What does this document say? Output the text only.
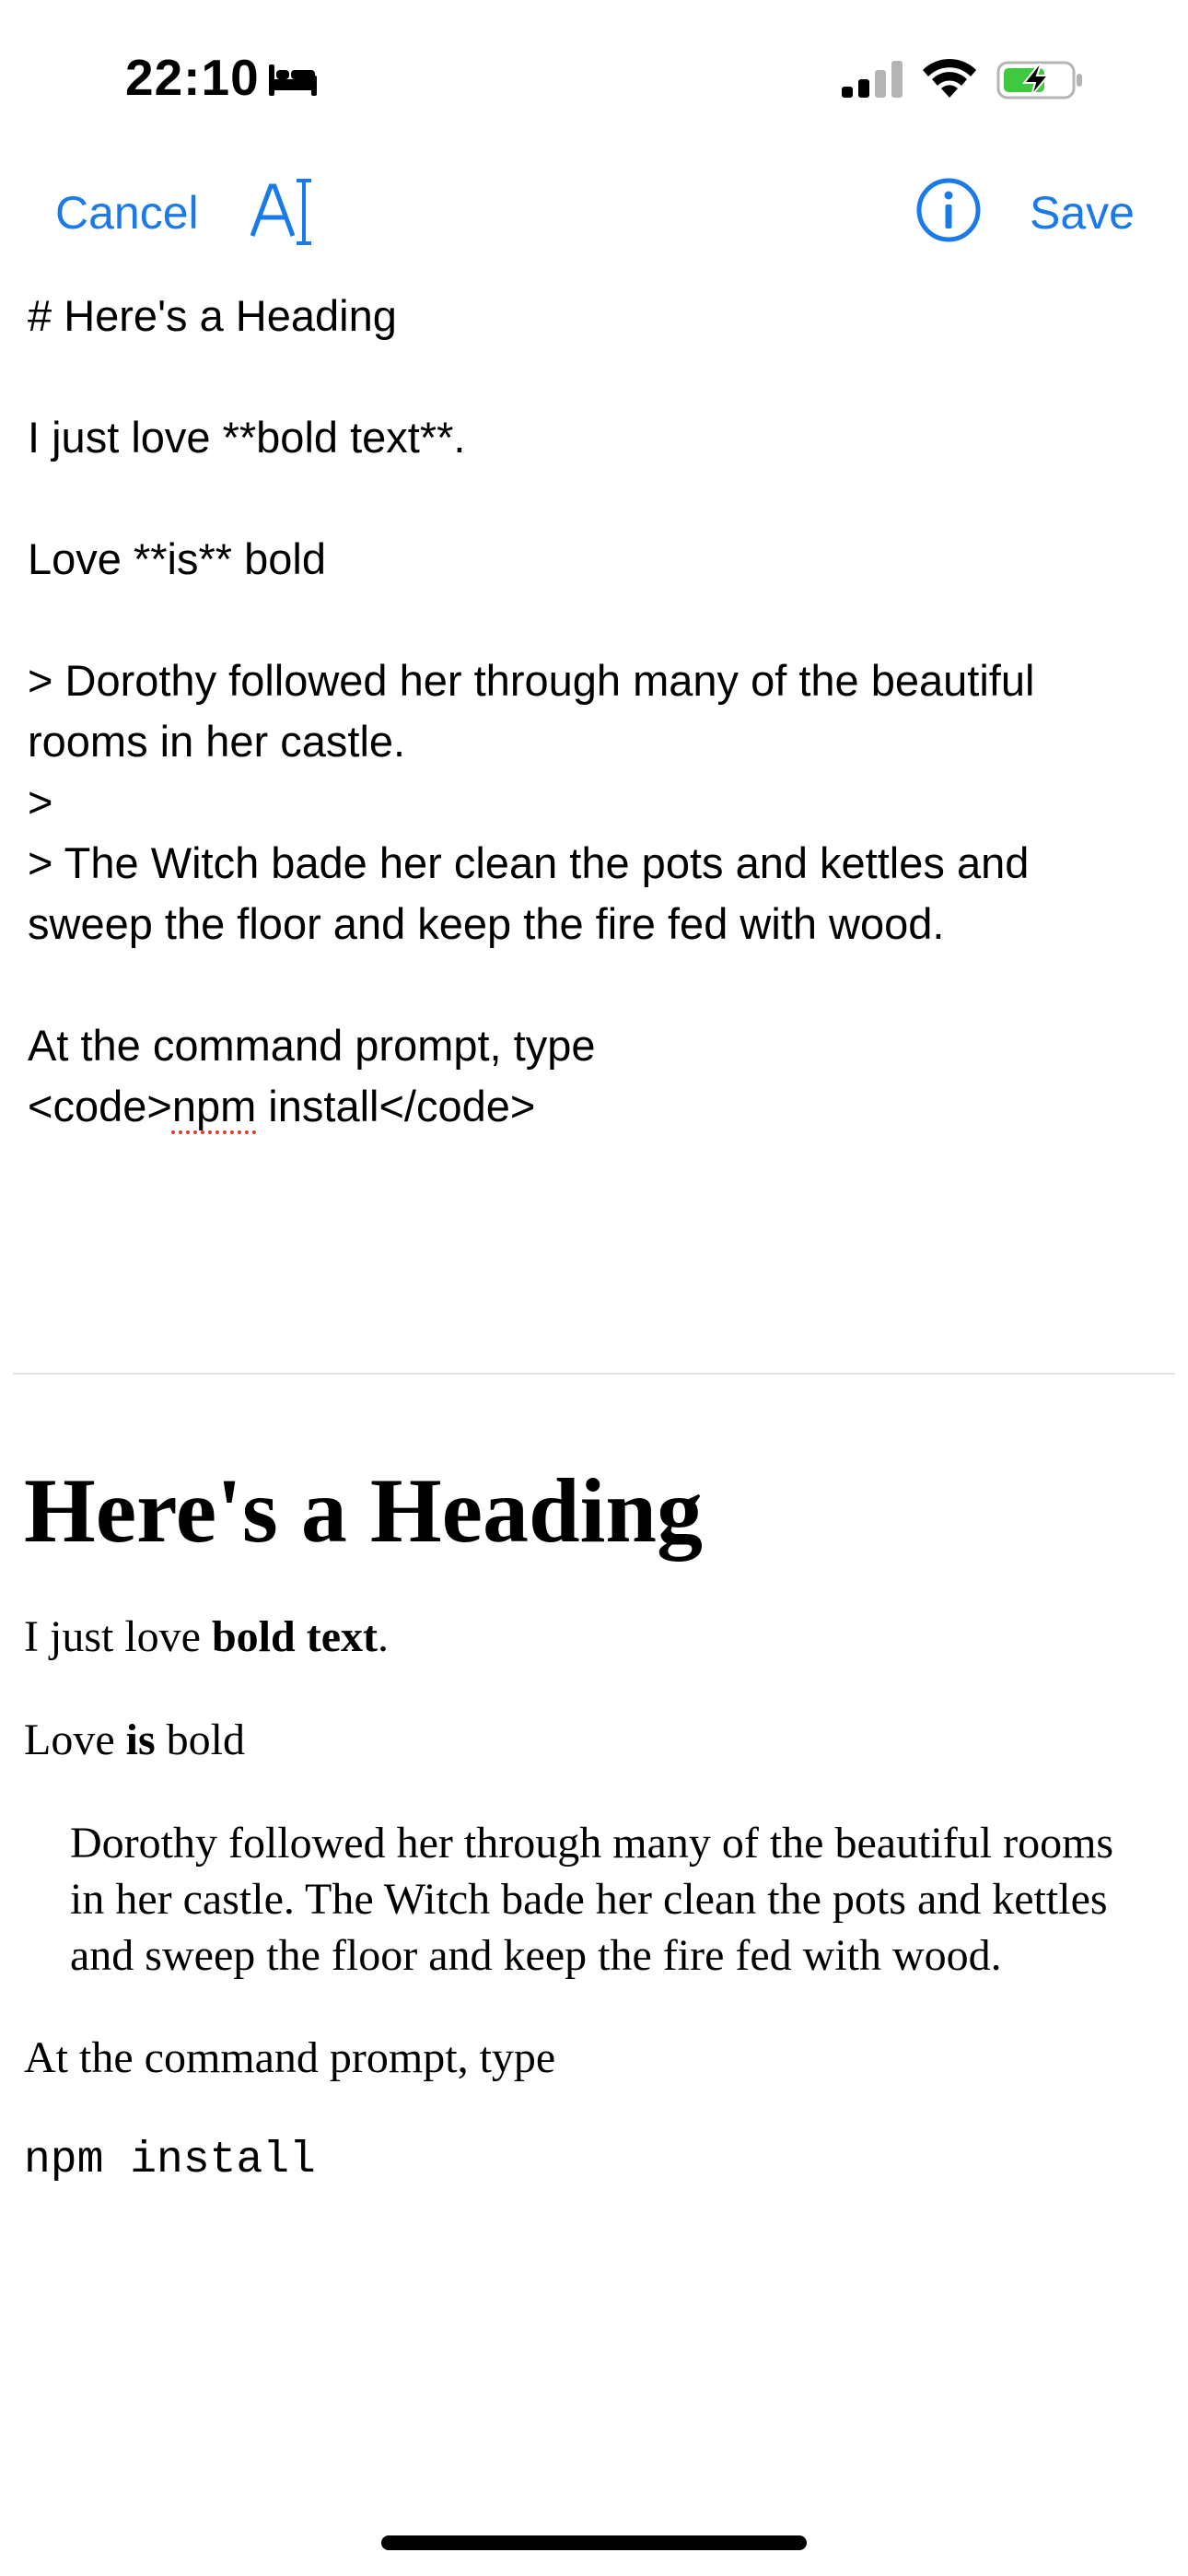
22:10
Cancel	Save
# Here's a Heading
I just love **bold text**.
Love **is** bold
> Dorothy followed her through many of the beautiful
rooms in her castle.
>
> The Witch bade her clean the pots and kettles and
sweep the floor and keep the fire fed with wood.
At the command prompt, type
<code>npm install</code>
Here's a Heading

I just love bold text.

Love is bold

Dorothy followed her through many of the beautiful rooms in her castle. The Witch bade her clean the pots and kettles and sweep the floor and keep the fire fed with wood.

At the command prompt, type

npm install
